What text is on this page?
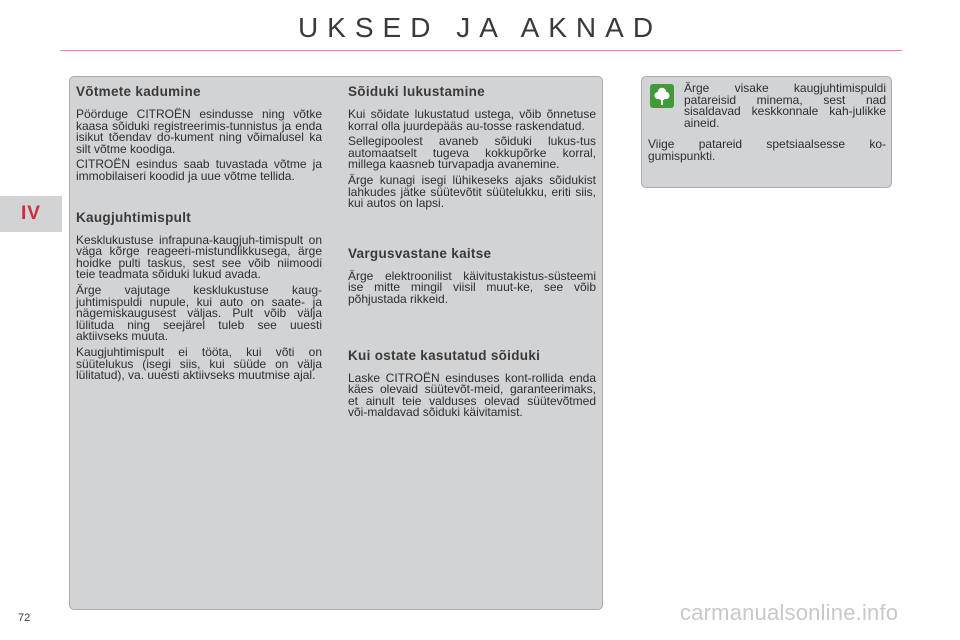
UKSED JA AKNAD
IV
Võtmete kadumine

Pöörduge CITROËN esindusse ning võtke kaasa sõiduki registreerimis-tunnistus ja enda isikut tõendav do-kument ning võimalusel ka silt võtme koodiga.

CITROËN esindus saab tuvastada võtme ja immobilaiseri koodid ja uue võtme tellida.

Kaugjuhtimispult

Kesklukustuse infrapuna-kaugjuh-timispult on väga kõrge reageeri-mistundlikkusega, ärge hoidke pulti taskus, sest see võib niimoodi teie teadmata sõiduki lukud avada.

Ärge vajutage kesklukustuse kaug-juhtimispuldi nupule, kui auto on saate- ja nägemiskaugusest väljas. Pult võib välja lülituda ning seejärel tuleb see uuesti aktiivseks muuta.

Kaugjuhtimispult ei tööta, kui võti on süütelukus (isegi siis, kui süüde on välja lülitatud), va. uuesti aktiivseks muutmise ajal.

Sõiduki lukustamine

Kui sõidate lukustatud ustega, võib õnnetuse korral olla juurdepääs au-tosse raskendatud.

Sellegipoolest avaneb sõiduki lukus-tus automaatselt tugeva kokkupõrke korral, millega kaasneb turvapadja avanemine.

Ärge kunagi isegi lühikeseks ajaks sõidukist lahkudes jätke süütevõtit süütelukku, eriti siis, kui autos on lapsi.

Vargusvastane kaitse

Ärge elektroonilist käivitustakistus-süsteemi ise mitte mingil viisil muut-ke, see võib põhjustada rikkeid.

Kui ostate kasutatud sõiduki

Laske CITROËN esinduses kont-rollida enda käes olevaid süütevõt-meid, garanteerimaks, et ainult teie valduses olevad süütevõtmed või-maldavad sõiduki käivitamist.

Ärge visake kaugjuhtimispuldi patareisid minema, sest nad sisaldavad keskkonnale kah-julikke aineid.

Viige patareid spetsiaalsesse ko-gumispunkti.

72	carmanualsonline.info
